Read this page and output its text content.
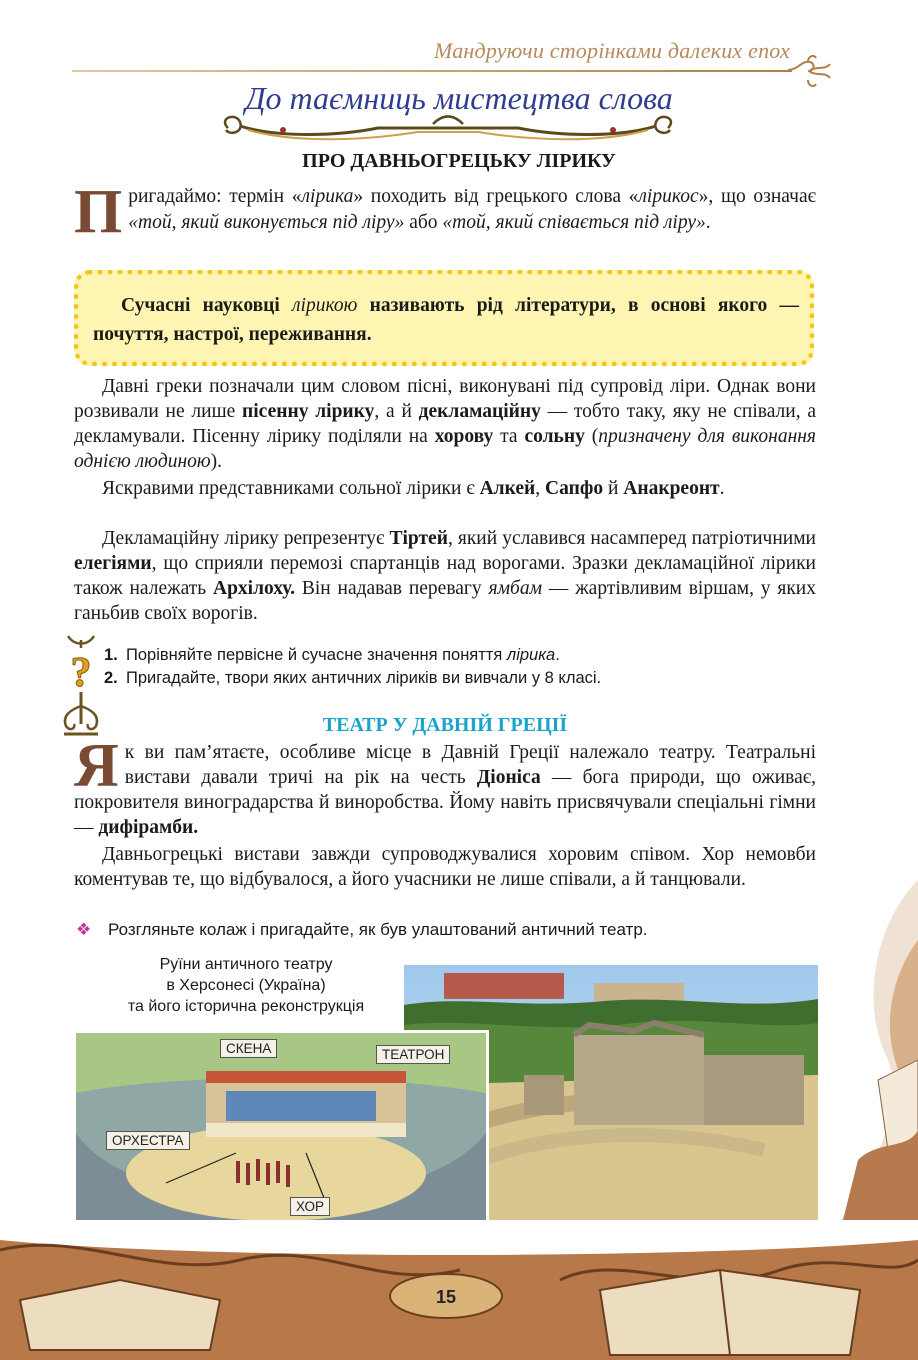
Мандруючи сторінками далеких епох
До таємниць мистецтва слова
ПРО ДАВНЬОГРЕЦЬКУ ЛІРИКУ

Пригадаймо: термін «лірика» походить від грецького слова «лірикос», що означає «той, який виконується під ліру» або «той, який співається під ліру».

Сучасні науковці лірикою називають рід літератури, в основі якого — почуття, настрої, переживання.

Давні греки позначали цим словом пісні, виконувані під супровід ліри. Однак вони розвивали не лише пісенну лірику, а й декламаційну — тобто таку, яку не співали, а декламували. Пісенну лірику поділяли на хорову та сольну (призначену для виконання однією людиною).

Яскравими представниками сольної лірики є Алкей, Сапфо й Анакреонт.

Декламаційну лірику репрезентує Тіртей, який уславився насамперед патріотичними елегіями, що сприяли перемозі спартанців над ворогами. Зразки декламаційної лірики також належать Архілоху. Він надавав перевагу ямбам — жартівливим віршам, у яких ганьбив своїх ворогів.

? 1. Порівняйте первісне й сучасне значення поняття лірика.
2. Пригадайте, твори яких античних ліриків ви вивчали у 8 класі.
ТЕАТР У ДАВНІЙ ГРЕЦІЇ

Як ви пам’ятаєте, особливе місце в Давній Греції належало театру. Театральні вистави давали тричі на рік на честь Діоніса — бога природи, що оживає, покровителя виноградарства й виноробства. Йому навіть присвячували спеціальні гімни — дифірамби.

Давньогрецькі вистави завжди супроводжувалися хоровим співом. Хор немовби коментував те, що відбувалося, а його учасники не лише співали, а й танцювали.

❖ Розгляньте колаж і пригадайте, як був улаштований античний театр.
Руїни античного театру
в Херсонесі (Україна)
та його історична реконструкція
СКЕНА	ТЕАТРОН
ОРХЕСТРА
ХОР
15
